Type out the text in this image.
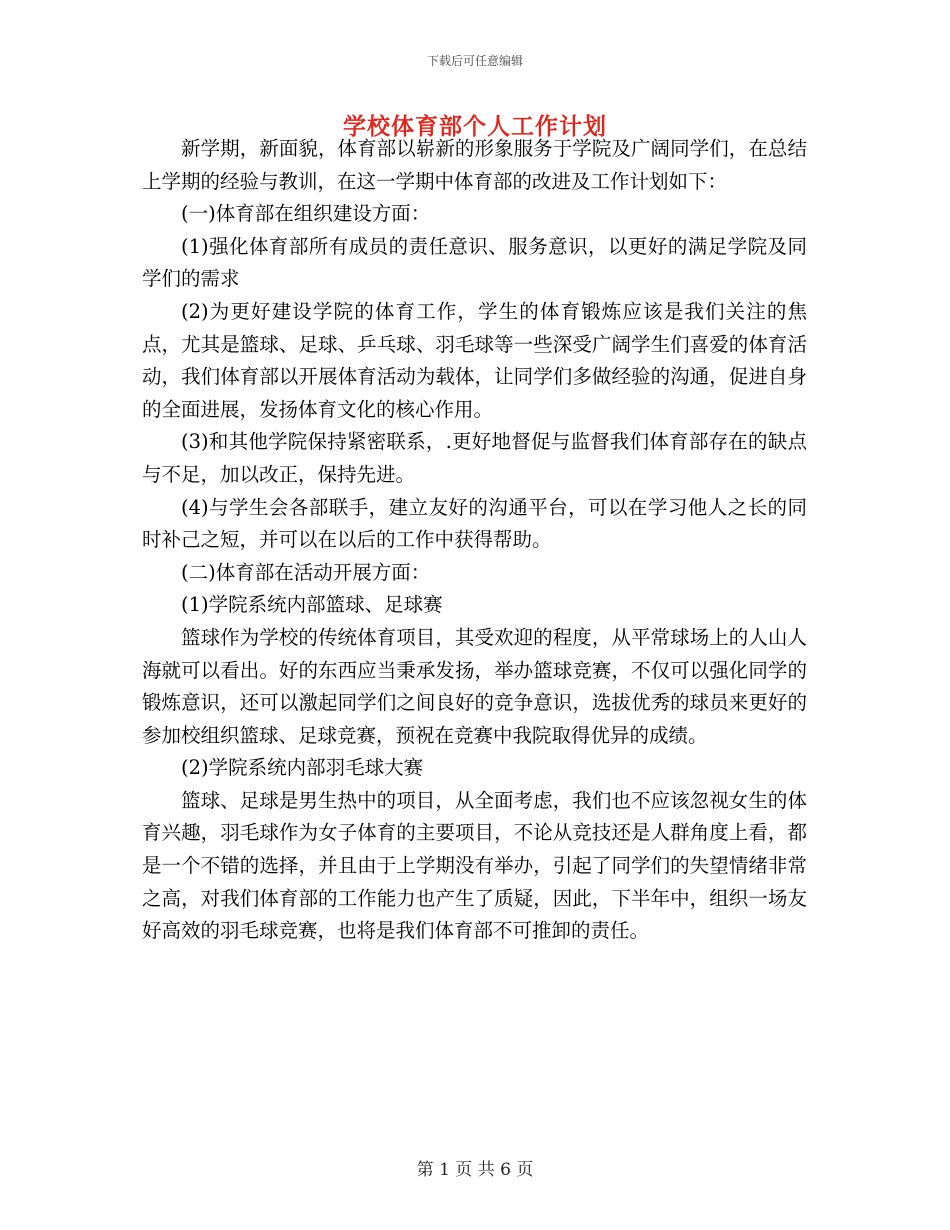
下载后可任意编辑
学校体育部个人工作计划

新学期，新面貌，体育部以崭新的形象服务于学院及广阔同学们，在总结上学期的经验与教训，在这一学期中体育部的改进及工作计划如下：

(一)体育部在组织建设方面：

(1)强化体育部所有成员的责任意识、服务意识，以更好的满足学院及同学们的需求

(2)为更好建设学院的体育工作，学生的体育锻炼应该是我们关注的焦点，尤其是篮球、足球、乒乓球、羽毛球等一些深受广阔学生们喜爱的体育活动，我们体育部以开展体育活动为载体，让同学们多做经验的沟通，促进自身的全面进展，发扬体育文化的核心作用。

(3)和其他学院保持紧密联系，.更好地督促与监督我们体育部存在的缺点与不足，加以改正，保持先进。

(4)与学生会各部联手，建立友好的沟通平台，可以在学习他人之长的同时补己之短，并可以在以后的工作中获得帮助。

(二)体育部在活动开展方面：

(1)学院系统内部篮球、足球赛

篮球作为学校的传统体育项目，其受欢迎的程度，从平常球场上的人山人海就可以看出。好的东西应当秉承发扬，举办篮球竞赛，不仅可以强化同学的锻炼意识，还可以激起同学们之间良好的竞争意识，选拔优秀的球员来更好的参加校组织篮球、足球竞赛，预祝在竞赛中我院取得优异的成绩。

(2)学院系统内部羽毛球大赛

篮球、足球是男生热中的项目，从全面考虑，我们也不应该忽视女生的体育兴趣，羽毛球作为女子体育的主要项目，不论从竞技还是人群角度上看，都是一个不错的选择，并且由于上学期没有举办，引起了同学们的失望情绪非常之高，对我们体育部的工作能力也产生了质疑，因此，下半年中，组织一场友好高效的羽毛球竞赛，也将是我们体育部不可推卸的责任。

第 1 页 共 6 页
